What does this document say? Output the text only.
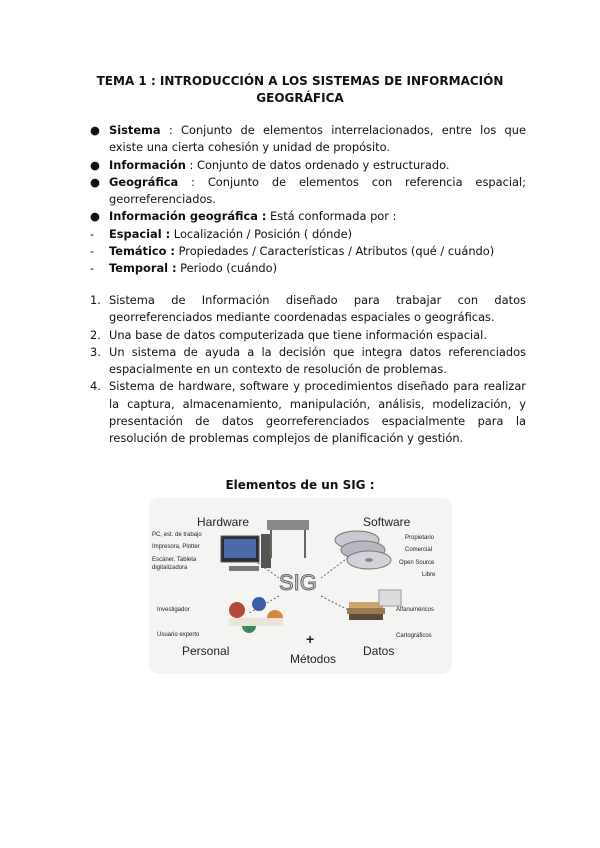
TEMA 1 : INTRODUCCIÓN A LOS SISTEMAS DE INFORMACIÓN GEOGRÁFICA
● Sistema : Conjunto de elementos interrelacionados, entre los que existe una cierta cohesión y unidad de propósito.
● Información : Conjunto de datos ordenado y estructurado.
● Geográfica : Conjunto de elementos con referencia espacial; georreferenciados.
● Información geográfica : Está conformada por :
-	Espacial : Localización / Posición ( dónde)
-	Temático : Propiedades / Características / Atributos (qué / cuándo)
-	Temporal : Periodo (cuándo)
1. Sistema de Información diseñado para trabajar con datos georreferenciados mediante coordenadas espaciales o geográficas.
2. Una base de datos computerizada que tiene información espacial.
3. Un sistema de ayuda a la decisión que integra datos referenciados espacialmente en un contexto de resolución de problemas.
4. Sistema de hardware, software y procedimientos diseñado para realizar la captura, almacenamiento, manipulación, análisis, modelización, y presentación de datos georreferenciados espacialmente para la resolución de problemas complejos de planificación y gestión.
Elementos de un SIG :
Hardware
PC, est. de trabajo
Impresora, Plotter
Escáner, Tableta
digitalizadora
Software
Propietario
Comercial
Open Source
Libre
SIG
Investigador
Usuario experto
Personal
Alfanuméricos
Cartográficos
Datos
+
Métodos
